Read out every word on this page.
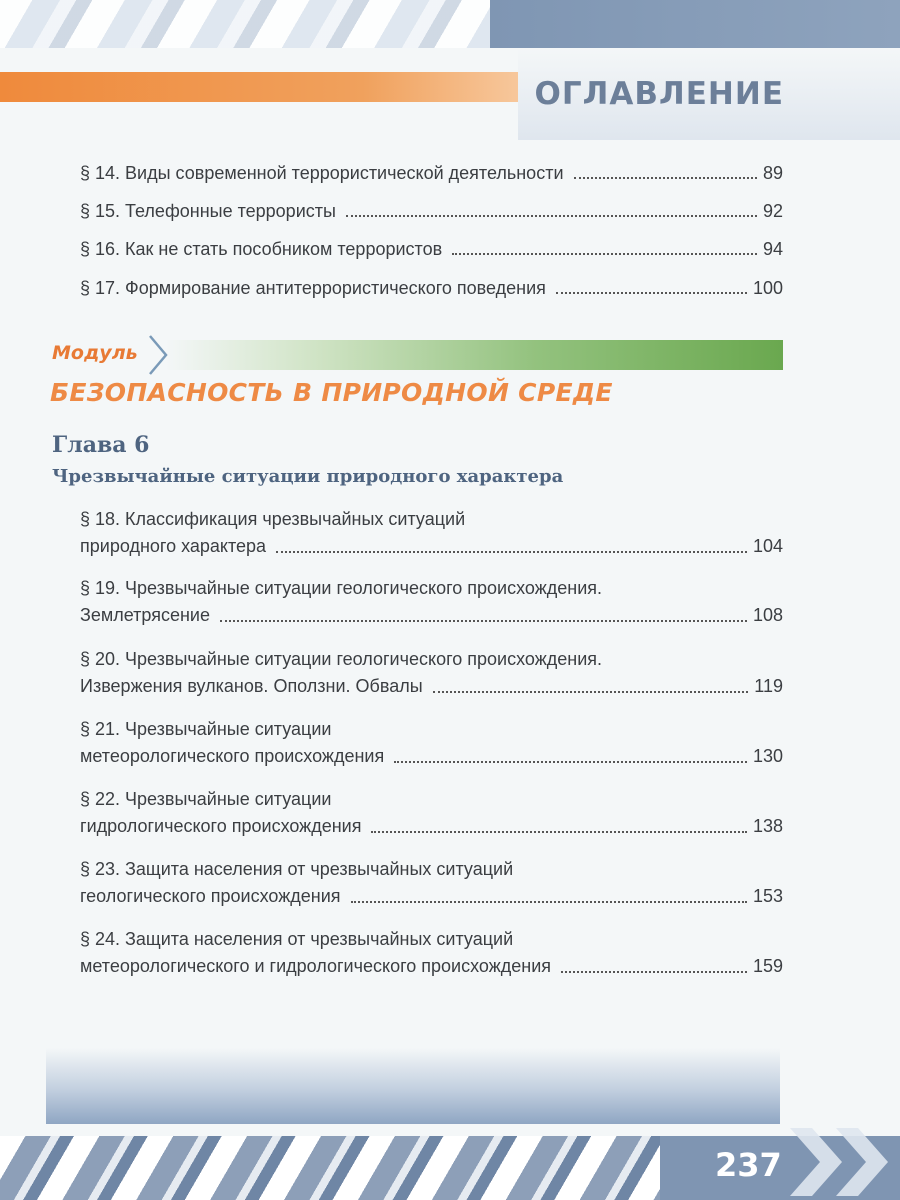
ОГЛАВЛЕНИЕ
§ 14. Виды современной террористической деятельности	89
§ 15. Телефонные террористы	92
§ 16. Как не стать пособником террористов	94
§ 17. Формирование антитеррористического поведения	100
Модуль
БЕЗОПАСНОСТЬ В ПРИРОДНОЙ СРЕДЕ
Глава 6
Чрезвычайные ситуации природного характера
§ 18. Классификация чрезвычайных ситуаций
природного характера	104
§ 19. Чрезвычайные ситуации геологического происхождения.
Землетрясение	108
§ 20. Чрезвычайные ситуации геологического происхождения.
Извержения вулканов. Оползни. Обвалы	119
§ 21. Чрезвычайные ситуации
метеорологического происхождения	130
§ 22. Чрезвычайные ситуации
гидрологического происхождения	138
§ 23. Защита населения от чрезвычайных ситуаций
геологического происхождения	153
§ 24. Защита населения от чрезвычайных ситуаций
метеорологического и гидрологического происхождения	159
237
